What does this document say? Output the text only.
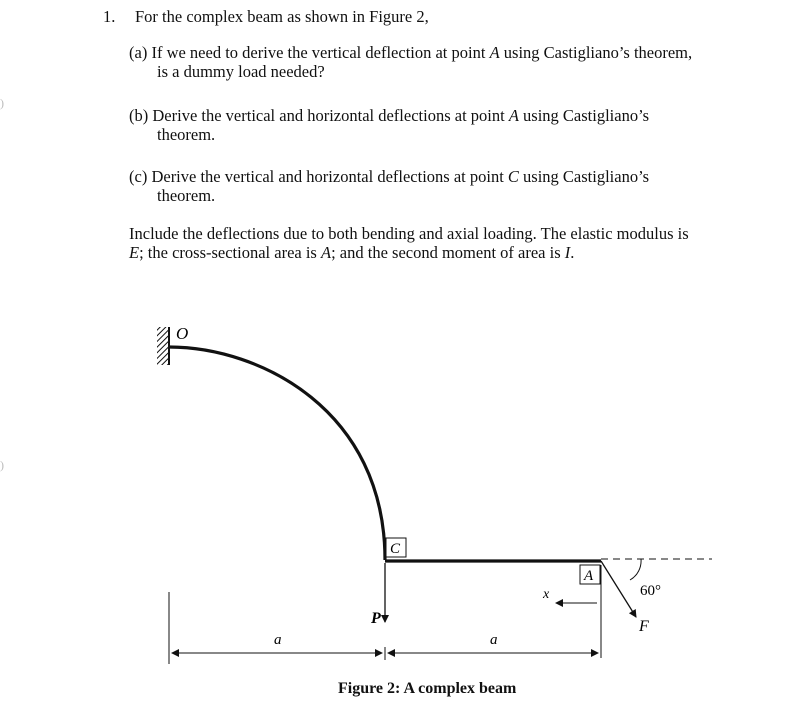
1. For the complex beam as shown in Figure 2,
(a) If we need to derive the vertical deflection at point A using Castigliano’s theorem,
is a dummy load needed?
(b) Derive the vertical and horizontal deflections at point A using Castigliano’s
theorem.
(c) Derive the vertical and horizontal deflections at point C using Castigliano’s
theorem.
Include the deflections due to both bending and axial loading. The elastic modulus is
E; the cross-sectional area is A; and the second moment of area is I.
)
)
O
C
A
P
x	60°
F
a	a
Figure 2: A complex beam
